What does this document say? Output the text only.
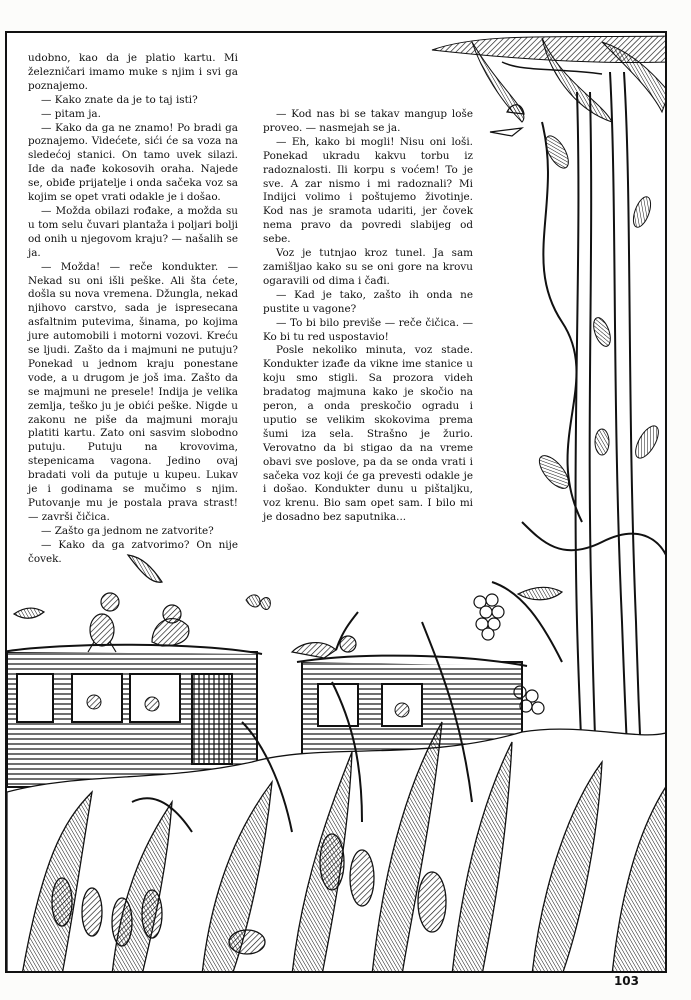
udobno, kao da je platio kartu. Mi železničari imamo muke s njim i svi ga poznajemo.

— Kako znate da je to taj isti?

— pitam ja.

— Kako da ga ne znamo! Po bradi ga poznajemo. Videćete, sići će sa voza na sledećoj stanici. On tamo uvek silazi. Ide da nađe kokosovih oraha. Najede se, obiđe prijatelje i onda sačeka voz sa kojim se opet vrati odakle je i došao.

— Možda obilazi rođake, a možda su u tom selu čuvari plantaža i poljari bolji od onih u njegovom kraju? — našalih se ja.

— Možda! — reče kondukter. — Nekad su oni išli peške. Ali šta ćete, došla su nova vremena. Džungla, nekad njihovo carstvo, sada je ispresecana asfaltnim putevima, šinama, po kojima jure automobili i motorni vozovi. Kreću se ljudi. Zašto da i majmuni ne putuju? Ponekad u jednom kraju ponestane vode, a u drugom je još ima. Zašto da se majmuni ne presele! Indija je velika zemlja, teško ju je obići peške. Nigde u zakonu ne piše da majmuni moraju platiti kartu. Zato oni sasvim slobodno putuju. Putuju na krovovima, stepenicama vagona. Jedino ovaj bradati voli da putuje u kupeu. Lukav je i godinama se mučimo s njim. Putovanje mu je postala prava strast! — završi čičica.

— Zašto ga jednom ne zatvorite?

— Kako da ga zatvorimo? On nije čovek.

— Kod nas bi se takav mangup loše proveo. — nasmejah se ja.

— Eh, kako bi mogli! Nisu oni loši. Ponekad ukradu kakvu torbu iz radoznalosti. Ili korpu s voćem! To je sve. A zar nismo i mi radoznali? Mi Indijci volimo i poštujemo životinje. Kod nas je sramota udariti, jer čovek nema pravo da povredi slabijeg od sebe.

Voz je tutnjao kroz tunel. Ja sam zamišljao kako su se oni gore na krovu ogaravili od dima i čađi.

— Kad je tako, zašto ih onda ne pustite u vagone?

— To bi bilo previše — reče čičica. — Ko bi tu red uspostavio!

Posle nekoliko minuta, voz stade. Kondukter izađe da vikne ime stanice u koju smo stigli. Sa prozora videh bradatog majmuna kako je skočio na peron, a onda preskočio ogradu i uputio se velikim skokovima prema šumi iza sela. Strašno je žurio. Verovatno da bi stigao da na vreme obavi sve poslove, pa da se onda vrati i sačeka voz koji će ga prevesti odakle je i došao. Kondukter dunu u pištaljku, voz krenu. Bio sam opet sam. I bilo mi je dosadno bez saputnika...

103
